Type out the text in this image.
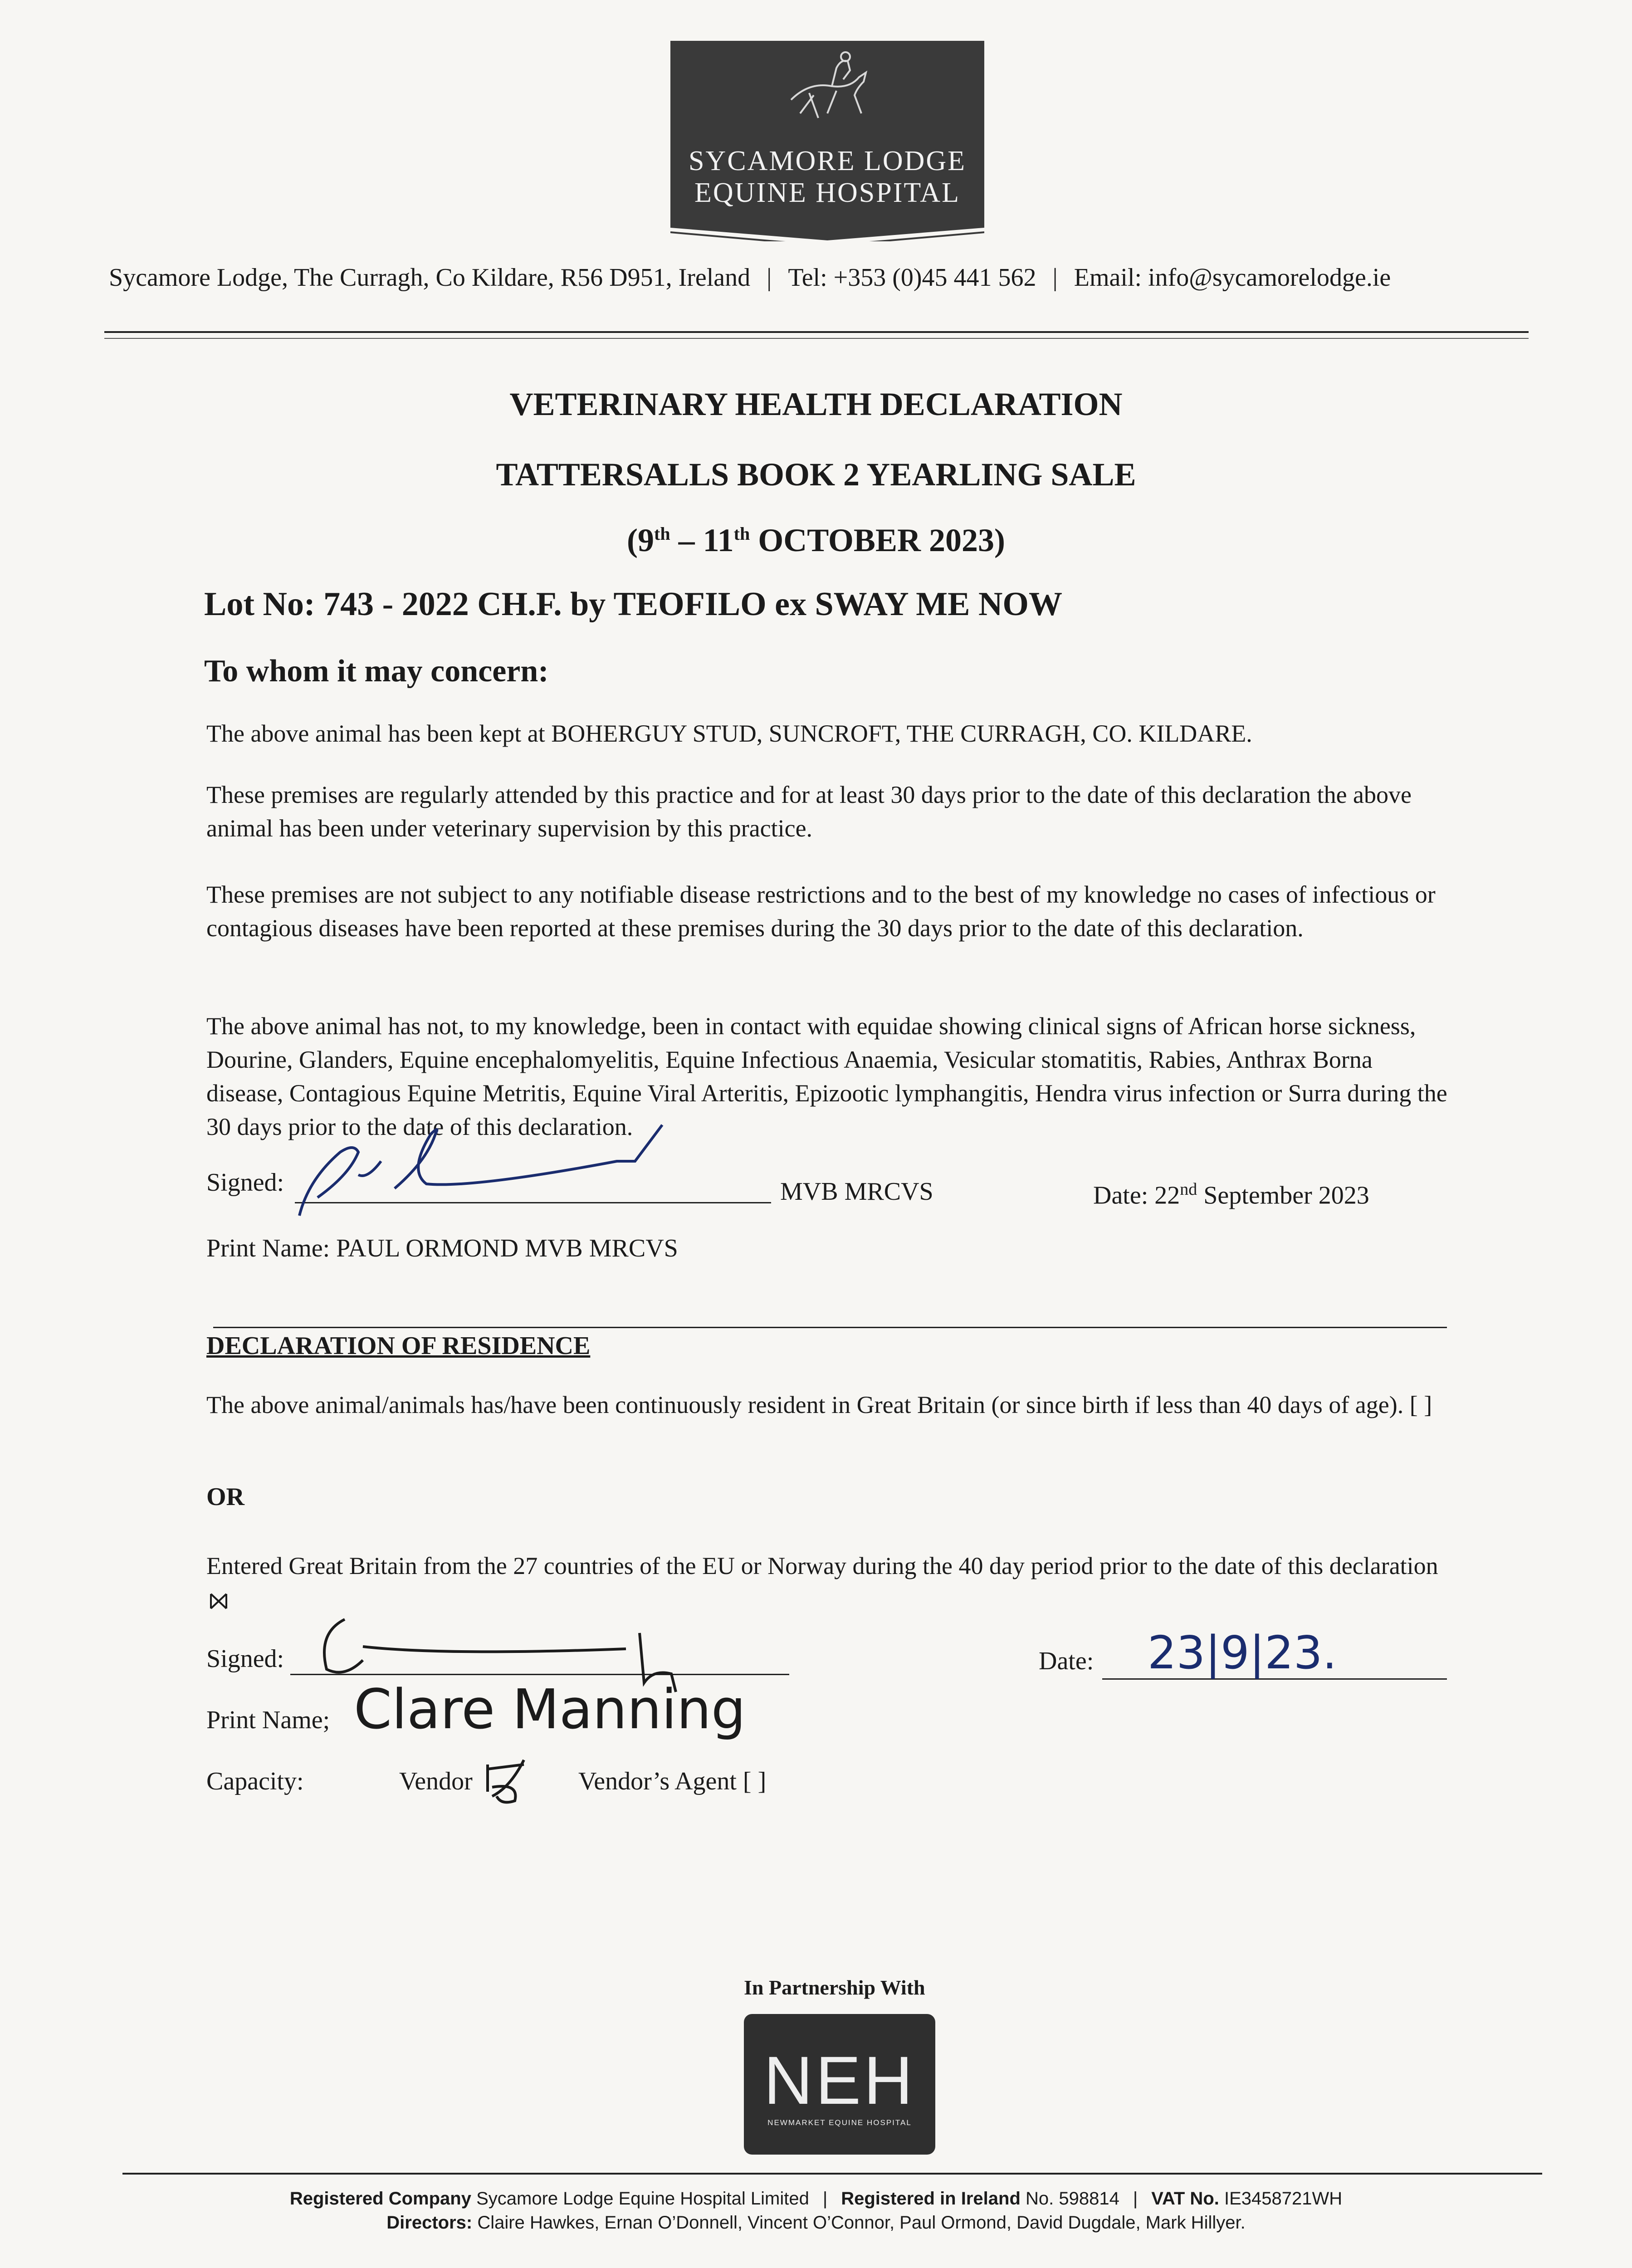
SYCAMORE LODGE
EQUINE HOSPITAL
Sycamore Lodge, The Curragh, Co Kildare, R56 D951, Ireland | Tel: +353 (0)45 441 562 | Email: info@sycamorelodge.ie
VETERINARY HEALTH DECLARATION
TATTERSALLS BOOK 2 YEARLING SALE
(9th – 11th OCTOBER 2023)
Lot No: 743 - 2022 CH.F. by TEOFILO ex SWAY ME NOW
To whom it may concern:
The above animal has been kept at BOHERGUY STUD, SUNCROFT, THE CURRAGH, CO. KILDARE.
These premises are regularly attended by this practice and for at least 30 days prior to the date of this declaration the above animal has been under veterinary supervision by this practice.
These premises are not subject to any notifiable disease restrictions and to the best of my knowledge no cases of infectious or contagious diseases have been reported at these premises during the 30 days prior to the date of this declaration.
The above animal has not, to my knowledge, been in contact with equidae showing clinical signs of African horse sickness, Dourine, Glanders, Equine encephalomyelitis, Equine Infectious Anaemia, Vesicular stomatitis, Rabies, Anthrax Borna disease, Contagious Equine Metritis, Equine Viral Arteritis, Epizootic lymphangitis, Hendra virus infection or Surra during the 30 days prior to the date of this declaration.
Signed:	MVB MRCVS	Date: 22nd September 2023
Print Name: PAUL ORMOND MVB MRCVS
DECLARATION OF RESIDENCE
The above animal/animals has/have been continuously resident in Great Britain (or since birth if less than 40 days of age). [ ]
OR
Entered Great Britain from the 27 countries of the EU or Norway during the 40 day period prior to the date of this declaration
Signed:	Date: 23|9|23.
Print Name; Clare Manning
Capacity:	Vendor	Vendor’s Agent [ ]
In Partnership With
NEH
NEWMARKET EQUINE HOSPITAL
Registered Company Sycamore Lodge Equine Hospital Limited | Registered in Ireland No. 598814 | VAT No. IE3458721WH
Directors: Claire Hawkes, Ernan O’Donnell, Vincent O’Connor, Paul Ormond, David Dugdale, Mark Hillyer.
